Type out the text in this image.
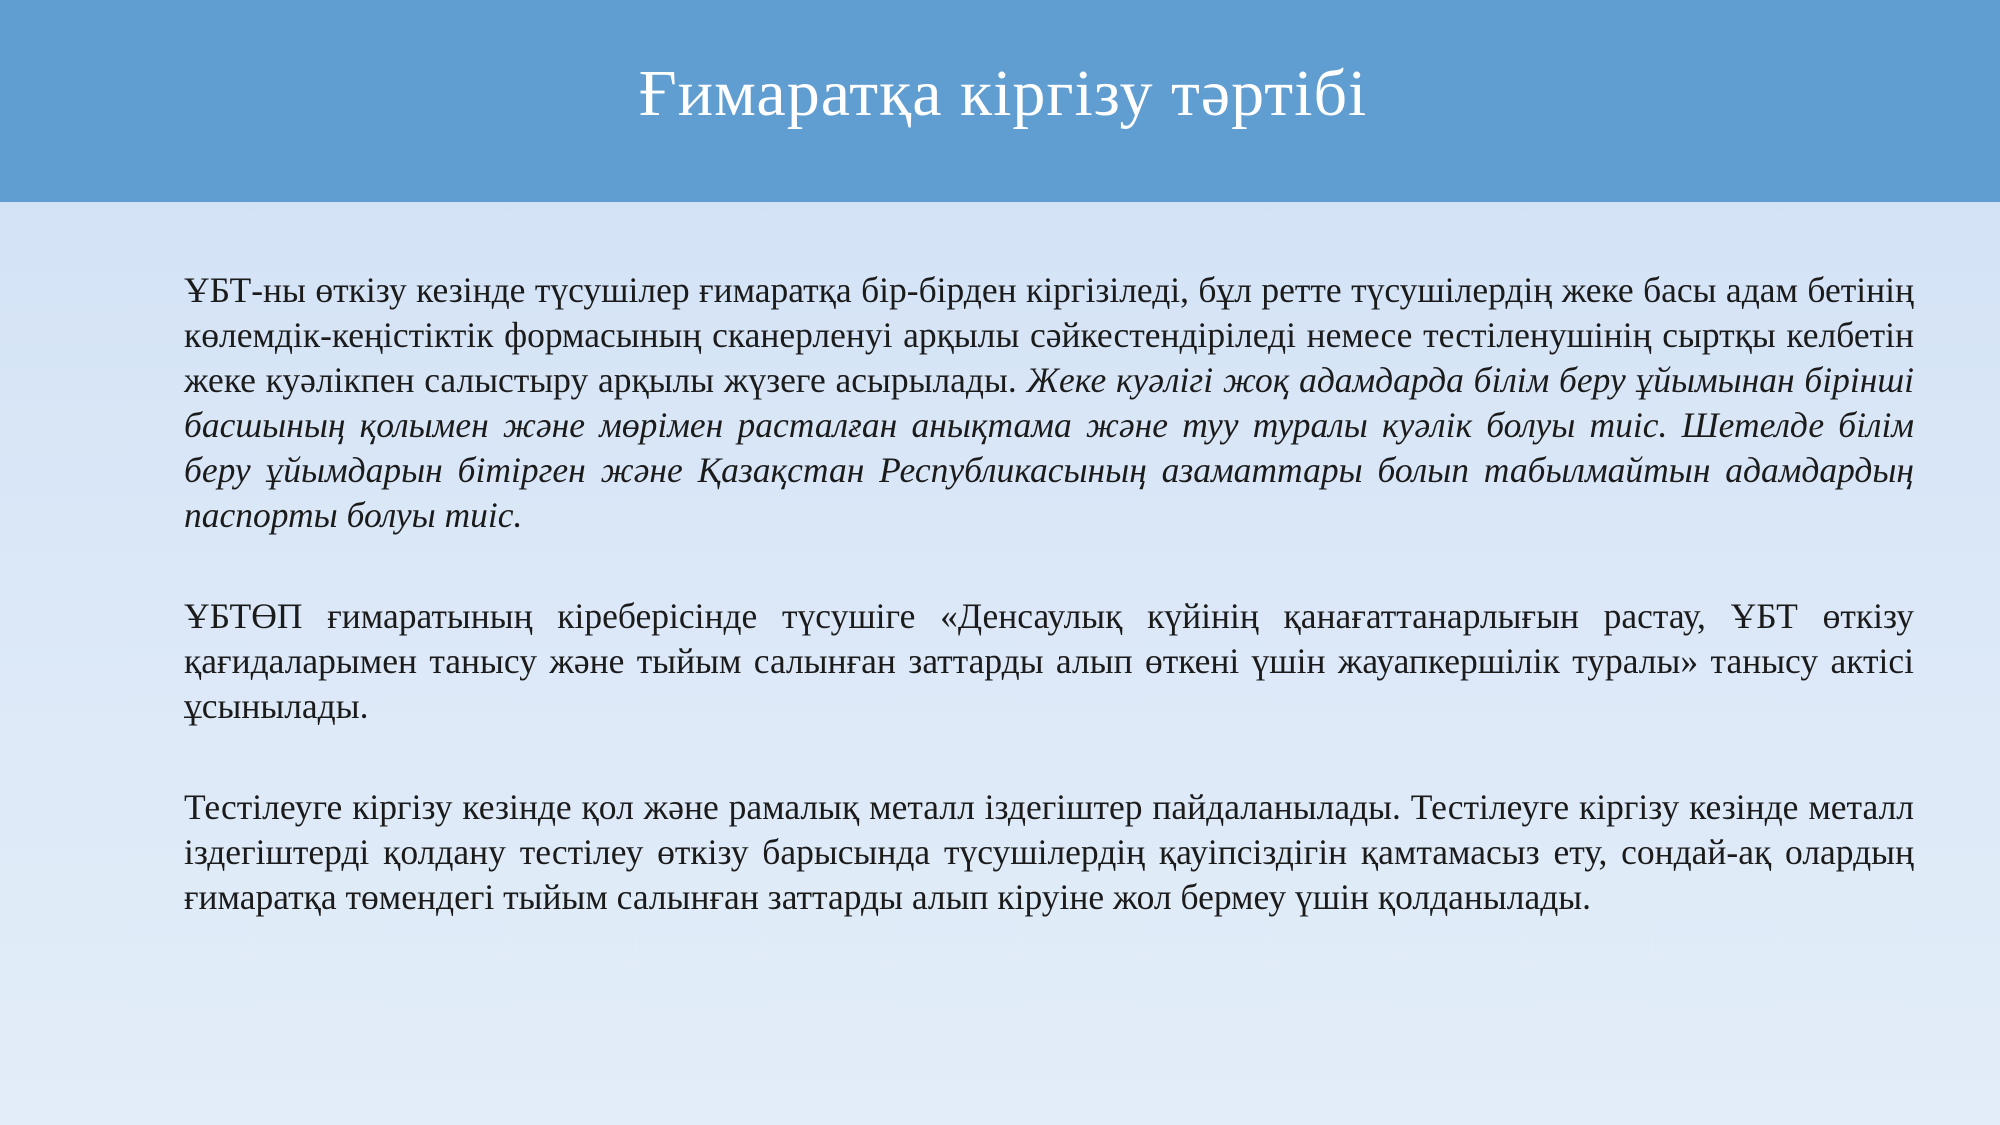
Ғимаратқа кіргізу тәртібі

ҰБТ-ны өткізу кезінде түсушілер ғимаратқа бір-бірден кіргізіледі, бұл ретте түсушілердің жеке басы адам бетінің көлемдік-кеңістіктік формасының сканерленуі арқылы сәйкестендіріледі немесе тестіленушінің сыртқы келбетін жеке куәлікпен салыстыру арқылы жүзеге асырылады. Жеке куәлігі жоқ адамдарда білім беру ұйымынан бірінші басшының қолымен және мөрімен расталған анықтама және туу туралы куәлік болуы тиіс. Шетелде білім беру ұйымдарын бітірген және Қазақстан Республикасының азаматтары болып табылмайтын адамдардың паспорты болуы тиіс.

ҰБТӨП ғимаратының кіреберісінде түсушіге «Денсаулық күйінің қанағаттанарлығын растау, ҰБТ өткізу қағидаларымен танысу және тыйым салынған заттарды алып өткені үшін жауапкершілік туралы» танысу актісі ұсынылады.

Тестілеуге кіргізу кезінде қол және рамалық металл іздегіштер пайдаланылады. Тестілеуге кіргізу кезінде металл іздегіштерді қолдану тестілеу өткізу барысында түсушілердің қауіпсіздігін қамтамасыз ету, сондай-ақ олардың ғимаратқа төмендегі тыйым салынған заттарды алып кіруіне жол бермеу үшін қолданылады.
